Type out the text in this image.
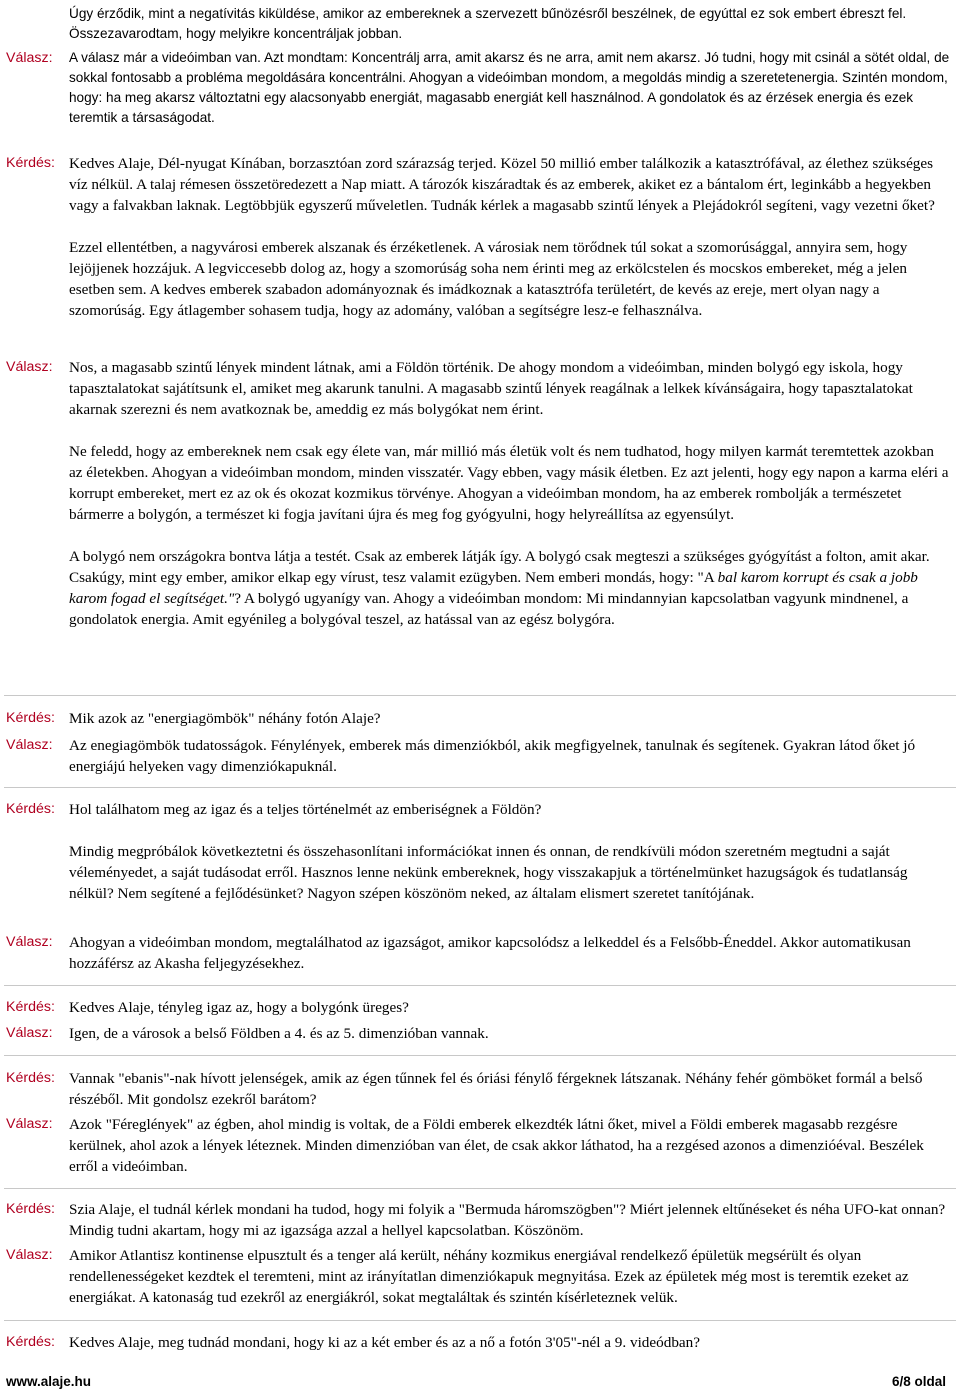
Úgy érződik, mint a negatívitás kiküldése, amikor az embereknek a szervezett bűnözésről beszélnek, de egyúttal ez sok embert ébreszt fel. Összezavarodtam, hogy melyikre koncentráljak jobban.
Válasz:	A válasz már a videóimban van. Azt mondtam: Koncentrálj arra, amit akarsz és ne arra, amit nem akarsz. Jó tudni, hogy mit csinál a sötét oldal, de sokkal fontosabb a probléma megoldására koncentrálni. Ahogyan a videóimban mondom, a megoldás mindig a szeretetenergia. Szintén mondom, hogy: ha meg akarsz változtatni egy alacsonyabb energiát, magasabb energiát kell használnod. A gondolatok és az érzések energia és ezek teremtik a társaságodat.
Kérdés: Kedves Alaje, Dél-nyugat Kínában, borzasztóan zord szárazság terjed. Közel 50 millió ember találkozik a katasztrófával, az élethez szükséges víz nélkül. A talaj rémesen összetöredezett a Nap miatt. A tározók kiszáradtak és az emberek, akiket ez a bántalom ért, leginkább a hegyekben vagy a falvakban laknak. Legtöbbjük egyszerű műveletlen. Tudnák kérlek a magasabb szintű lények a Plejádokról segíteni, vagy vezetni őket?

Ezzel ellentétben, a nagyvárosi emberek alszanak és érzéketlenek. A városiak nem törődnek túl sokat a szomorúsággal, annyira sem, hogy lejöjjenek hozzájuk. A legviccesebb dolog az, hogy a szomorúság soha nem érinti meg az erkölcstelen és mocskos embereket, még a jelen esetben sem. A kedves emberek szabadon adományoznak és imádkoznak a katasztrófa területért, de kevés az ereje, mert olyan nagy a szomorúság. Egy átlagember sohasem tudja, hogy az adomány, valóban a segítségre lesz-e felhasználva.

Válasz:	Nos, a magasabb szintű lények mindent látnak, ami a Földön történik. De ahogy mondom a videóimban, minden bolygó egy iskola, hogy tapasztalatokat sajátítsunk el, amiket meg akarunk tanulni. A magasabb szintű lények reagálnak a lelkek kívánságaira, hogy tapasztalatokat akarnak szerezni és nem avatkoznak be, ameddig ez más bolygókat nem érint.

Ne feledd, hogy az embereknek nem csak egy élete van, már millió más életük volt és nem tudhatod, hogy milyen karmát teremtettek azokban az életekben. Ahogyan a videóimban mondom, minden visszatér. Vagy ebben, vagy másik életben. Ez azt jelenti, hogy egy napon a karma eléri a korrupt embereket, mert ez az ok és okozat kozmikus törvénye. Ahogyan a videóimban mondom, ha az emberek rombolják a természetet bármerre a bolygón, a természet ki fogja javítani újra és meg fog gyógyulni, hogy helyreállítsa az egyensúlyt.

A bolygó nem országokra bontva látja a testét. Csak az emberek látják így. A bolygó csak megteszi a szükséges gyógyítást a folton, amit akar. Csakúgy, mint egy ember, amikor elkap egy vírust, tesz valamit ezügyben. Nem emberi mondás, hogy: "A bal karom korrupt és csak a jobb karom fogad el segítséget."? A bolygó ugyanígy van. Ahogy a videóimban mondom: Mi mindannyian kapcsolatban vagyunk mindnenel, a gondolatok energia. Amit egyénileg a bolygóval teszel, az hatással van az egész bolygóra.

Kérdés: Mik azok az "energiagömbök" néhány fotón Alaje?
Válasz:	Az enegiagömbök tudatosságok. Fénylények, emberek más dimenziókból, akik megfigyelnek, tanulnak és segítenek. Gyakran látod őket jó energiájú helyeken vagy dimenziókapuknál.
Kérdés: Hol találhatom meg az igaz és a teljes történelmét az emberiségnek a Földön?

Mindig megpróbálok következtetni és összehasonlítani információkat innen és onnan, de rendkívüli módon szeretném megtudni a saját véleményedet, a saját tudásodat erről. Hasznos lenne nekünk embereknek, hogy visszakapjuk a történelmünket hazugságok és tudatlanság nélkül? Nem segítené a fejlődésünket? Nagyon szépen köszönöm neked, az általam elismert szeretet tanítójának.

Válasz:	Ahogyan a videóimban mondom, megtalálhatod az igazságot, amikor kapcsolódsz a lelkeddel és a Felsőbb-Éneddel. Akkor automatikusan hozzáférsz az Akasha feljegyzésekhez.
Kérdés: Kedves Alaje, tényleg igaz az, hogy a bolygónk üreges?
Válasz:	Igen, de a városok a belső Földben a 4. és az 5. dimenzióban vannak.
Kérdés: Vannak "ebanis"-nak hívott jelenségek, amik az égen tűnnek fel és óriási fénylő férgeknek látszanak. Néhány fehér gömböket formál a belső részéből. Mit gondolsz ezekről barátom?
Válasz:	Azok "Féreglények" az égben, ahol mindig is voltak, de a Földi emberek elkezdték látni őket, mivel a Földi emberek magasabb rezgésre kerülnek, ahol azok a lények léteznek. Minden dimenzióban van élet, de csak akkor láthatod, ha a rezgésed azonos a dimenzióéval. Beszélek erről a videóimban.
Kérdés: Szia Alaje, el tudnál kérlek mondani ha tudod, hogy mi folyik a "Bermuda háromszögben"? Miért jelennek eltűnéseket és néha UFO-kat onnan? Mindig tudni akartam, hogy mi az igazsága azzal a hellyel kapcsolatban. Köszönöm.
Válasz:	Amikor Atlantisz kontinense elpusztult és a tenger alá került, néhány kozmikus energiával rendelkező épületük megsérült és olyan rendellenességeket kezdtek el teremteni, mint az irányítatlan dimenziókapuk megnyitása. Ezek az épületek még most is teremtik ezeket az energiákat. A katonaság tud ezekről az energiákról, sokat megtaláltak és szintén kísérleteznek velük.
Kérdés: Kedves Alaje, meg tudnád mondani, hogy ki az a két ember és az a nő a fotón 3'05"-nél a 9. videódban?
www.alaje.hu	6/8 oldal
